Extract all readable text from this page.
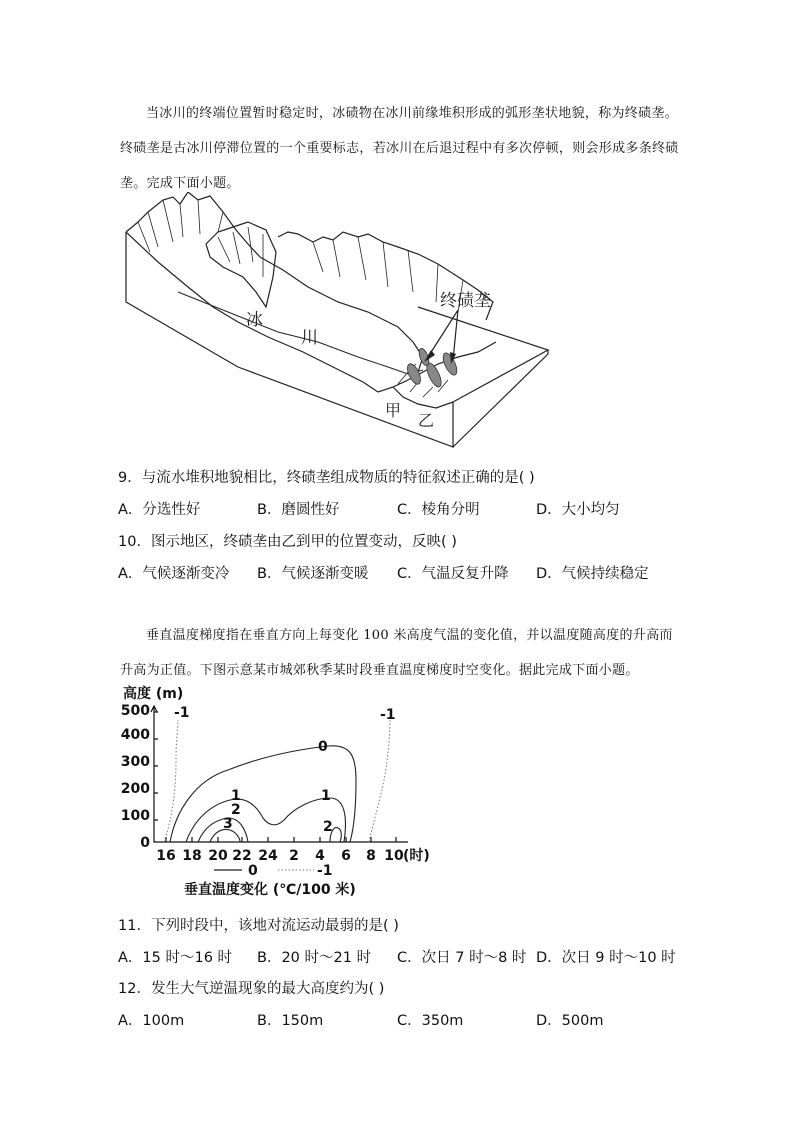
当冰川的终端位置暂时稳定时，冰碛物在冰川前缘堆积形成的弧形垄状地貌，称为终碛垄。终碛垄是古冰川停滞位置的一个重要标志，若冰川在后退过程中有多次停顿，则会形成多条终碛垄。完成下面小题。

终碛垄
冰
川
甲
乙

9．与流水堆积地貌相比，终碛垄组成物质的特征叙述正确的是( )

A．分选性好	B．磨圆性好	C．棱角分明	D．大小均匀

10．图示地区，终碛垄由乙到甲的位置变动，反映( )

A．气候逐渐变冷 B．气候逐渐变暖 C．气温反复升降 D．气候持续稳定

垂直温度梯度指在垂直方向上每变化 100 米高度气温的变化值，并以温度随高度的升高而升高为正值。下图示意某市城郊秋季某时段垂直温度梯度时空变化。据此完成下面小题。

高度 (m)
0
100
200
300
400
500
16 18 20 22 24 2 4 6 8 10 (时)
0
1	1
2
2
3
-1	-1
0	-1
垂直温度变化 (℃/100 米)

11．下列时段中，该地对流运动最弱的是( )

A．15 时～16 时 B．20 时～21 时 C．次日 7 时～8 时 D．次日 9 时～10 时

12．发生大气逆温现象的最大高度约为( )

A．100m	B．150m	C．350m	D．500m
